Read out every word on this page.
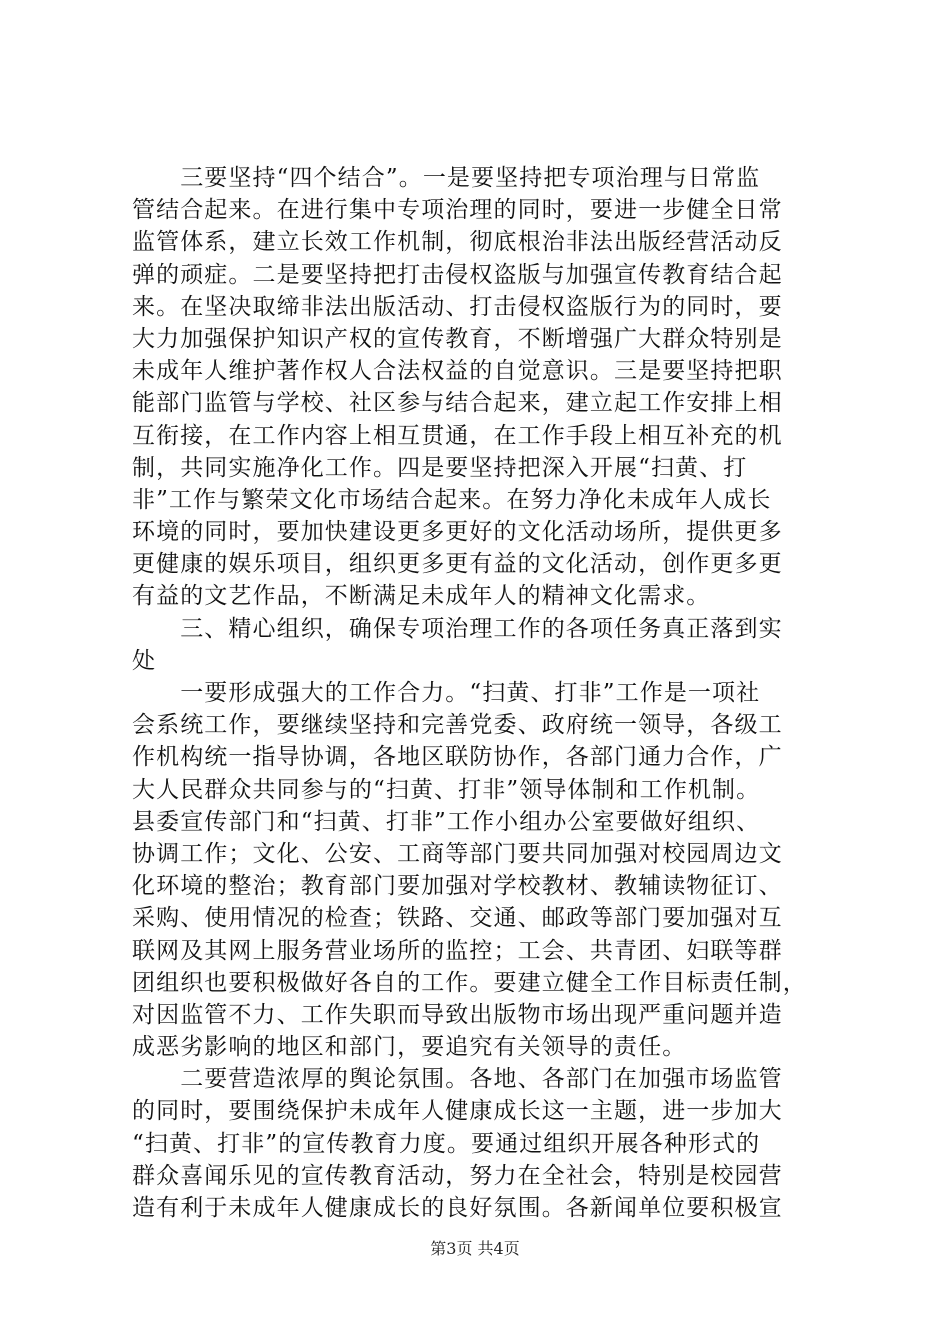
　　三要坚持“四个结合”。一是要坚持把专项治理与日常监
管结合起来。在进行集中专项治理的同时，要进一步健全日常
监管体系，建立长效工作机制，彻底根治非法出版经营活动反
弹的顽症。二是要坚持把打击侵权盗版与加强宣传教育结合起
来。在坚决取缔非法出版活动、打击侵权盗版行为的同时，要
大力加强保护知识产权的宣传教育，不断增强广大群众特别是
未成年人维护著作权人合法权益的自觉意识。三是要坚持把职
能部门监管与学校、社区参与结合起来，建立起工作安排上相
互衔接，在工作内容上相互贯通，在工作手段上相互补充的机
制，共同实施净化工作。四是要坚持把深入开展“扫黄、打
非”工作与繁荣文化市场结合起来。在努力净化未成年人成长
环境的同时，要加快建设更多更好的文化活动场所，提供更多
更健康的娱乐项目，组织更多更有益的文化活动，创作更多更
有益的文艺作品，不断满足未成年人的精神文化需求。
　　三、精心组织，确保专项治理工作的各项任务真正落到实
处
　　一要形成强大的工作合力。“扫黄、打非”工作是一项社
会系统工作，要继续坚持和完善党委、政府统一领导，各级工
作机构统一指导协调，各地区联防协作，各部门通力合作，广
大人民群众共同参与的“扫黄、打非”领导体制和工作机制。
县委宣传部门和“扫黄、打非”工作小组办公室要做好组织、
协调工作；文化、公安、工商等部门要共同加强对校园周边文
化环境的整治；教育部门要加强对学校教材、教辅读物征订、
采购、使用情况的检查；铁路、交通、邮政等部门要加强对互
联网及其网上服务营业场所的监控；工会、共青团、妇联等群
团组织也要积极做好各自的工作。要建立健全工作目标责任制，
对因监管不力、工作失职而导致出版物市场出现严重问题并造
成恶劣影响的地区和部门，要追究有关领导的责任。
　　二要营造浓厚的舆论氛围。各地、各部门在加强市场监管
的同时，要围绕保护未成年人健康成长这一主题，进一步加大
“扫黄、打非”的宣传教育力度。要通过组织开展各种形式的
群众喜闻乐见的宣传教育活动，努力在全社会，特别是校园营
造有利于未成年人健康成长的良好氛围。各新闻单位要积极宣
第3页 共4页
